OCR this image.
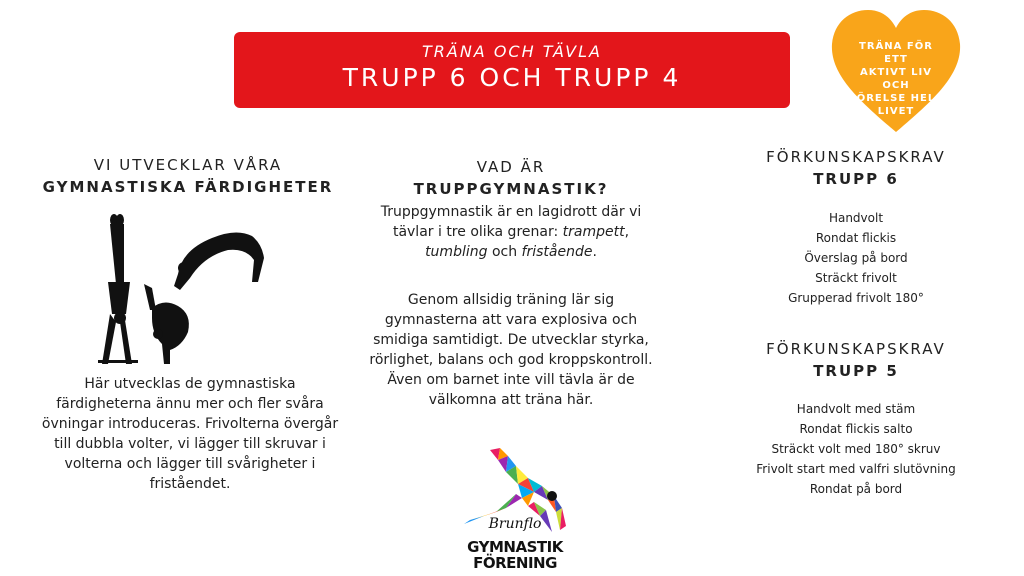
TRÄNA OCH TÄVLA
TRUPP 6 OCH TRUPP 4
TRÄNA FÖR ETT
AKTIVT LIV OCH
RÖRELSE HELA
LIVET
VI UTVECKLAR VÅRA
GYMNASTISKA FÄRDIGHETER
Här utvecklas de gymnastiska färdigheterna ännu mer och fler svåra övningar introduceras. Frivolterna övergår till dubbla volter, vi lägger till skruvar i volterna och lägger till svårigheter i friståendet.
VAD ÄR
TRUPPGYMNASTIK?
Truppgymnastik är en lagidrott där vi tävlar i tre olika grenar: trampett, tumbling och fristående.
Genom allsidig träning lär sig gymnasterna att vara explosiva och smidiga samtidigt. De utvecklar styrka, rörlighet, balans och god kroppskontroll. Även om barnet inte vill tävla är de välkomna att träna här.
Brunflo
GYMNASTIK
FÖRENING
FÖRKUNSKAPSKRAV
TRUPP 6
Handvolt
Rondat flickis
Överslag på bord
Sträckt frivolt
Grupperad frivolt 180°
FÖRKUNSKAPSKRAV
TRUPP 5
Handvolt med stäm
Rondat flickis salto
Sträckt volt med 180° skruv
Frivolt start med valfri slutövning
Rondat på bord
